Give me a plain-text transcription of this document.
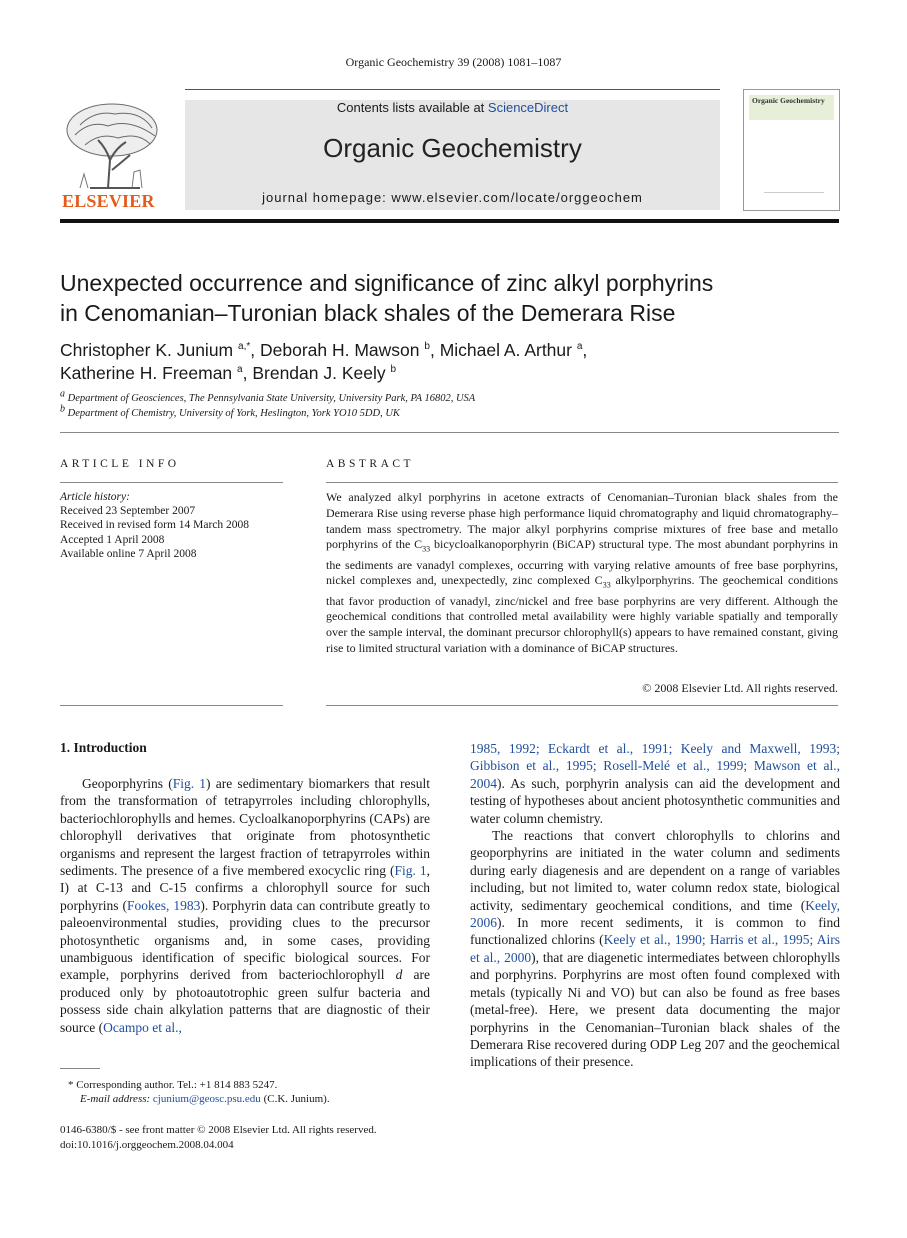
Organic Geochemistry 39 (2008) 1081–1087
ELSEVIER
Contents lists available at ScienceDirect
Organic Geochemistry
journal homepage: www.elsevier.com/locate/orggeochem
Organic Geochemistry
Unexpected occurrence and significance of zinc alkyl porphyrins
in Cenomanian–Turonian black shales of the Demerara Rise
Christopher K. Junium $^{a,*}$, Deborah H. Mawson $^b$, Michael A. Arthur $^a$,
Katherine H. Freeman $^a$, Brendan J. Keely $^b$
$^a$ Department of Geosciences, The Pennsylvania State University, University Park, PA 16802, USA
$^b$ Department of Chemistry, University of York, Heslington, York YO10 5DD, UK
ARTICLE INFO
Article history:
Received 23 September 2007
Received in revised form 14 March 2008
Accepted 1 April 2008
Available online 7 April 2008
ABSTRACT
We analyzed alkyl porphyrins in acetone extracts of Cenomanian–Turonian black shales from the Demerara Rise using reverse phase high performance liquid chromatography and liquid chromatography–tandem mass spectrometry. The major alkyl porphyrins comprise mixtures of free base and metallo porphyrins of the $C_{33}$ bicycloalkanoporphyrin (BiCAP) structural type. The most abundant porphyrins in the sediments are vanadyl complexes, occurring with varying relative amounts of free base porphyrins, nickel complexes and, unexpectedly, zinc complexed $C_{33}$ alkylporphyrins. The geochemical conditions that favor production of vanadyl, zinc/nickel and free base porphyrins are very different. Although the geochemical conditions that controlled metal availability were highly variable spatially and temporally over the sample interval, the dominant precursor chlorophyll(s) appears to have remained constant, giving rise to limited structural variation with a dominance of BiCAP structures.
© 2008 Elsevier Ltd. All rights reserved.
1. Introduction

Geoporphyrins (Fig. 1) are sedimentary biomarkers that result from the transformation of tetrapyrroles including chlorophylls, bacteriochlorophylls and hemes. Cycloalkanoporphyrins (CAPs) are chlorophyll derivatives that originate from photosynthetic organisms and represent the largest fraction of tetrapyrroles within sediments. The presence of a five membered exocyclic ring (Fig. 1, I) at C-13 and C-15 confirms a chlorophyll source for such porphyrins (Fookes, 1983). Porphyrin data can contribute greatly to paleoenvironmental studies, providing clues to the precursor photosynthetic organisms and, in some cases, providing unambiguous identification of specific biological sources. For example, porphyrins derived from bacteriochlorophyll d are produced only by photoautotrophic green sulfur bacteria and possess side chain alkylation patterns that are diagnostic of their source (Ocampo et al.,

1985, 1992; Eckardt et al., 1991; Keely and Maxwell, 1993; Gibbison et al., 1995; Rosell-Melé et al., 1999; Mawson et al., 2004). As such, porphyrin analysis can aid the development and testing of hypotheses about ancient photosynthetic communities and water column chemistry.

The reactions that convert chlorophylls to chlorins and geoporphyrins are initiated in the water column and sediments during early diagenesis and are dependent on a range of variables including, but not limited to, water column redox state, biological activity, sedimentary geochemical conditions, and time (Keely, 2006). In more recent sediments, it is common to find functionalized chlorins (Keely et al., 1990; Harris et al., 1995; Airs et al., 2000), that are diagenetic intermediates between chlorophylls and porphyrins. Porphyrins are most often found complexed with metals (typically Ni and VO) but can also be found as free bases (metal-free). Here, we present data documenting the major porphyrins in the Cenomanian–Turonian black shales of the Demerara Rise recovered during ODP Leg 207 and the geochemical implications of their presence.

* Corresponding author. Tel.: +1 814 883 5247.
E-mail address: cjunium@geosc.psu.edu (C.K. Junium).
0146-6380/$ - see front matter © 2008 Elsevier Ltd. All rights reserved.
doi:10.1016/j.orggeochem.2008.04.004
